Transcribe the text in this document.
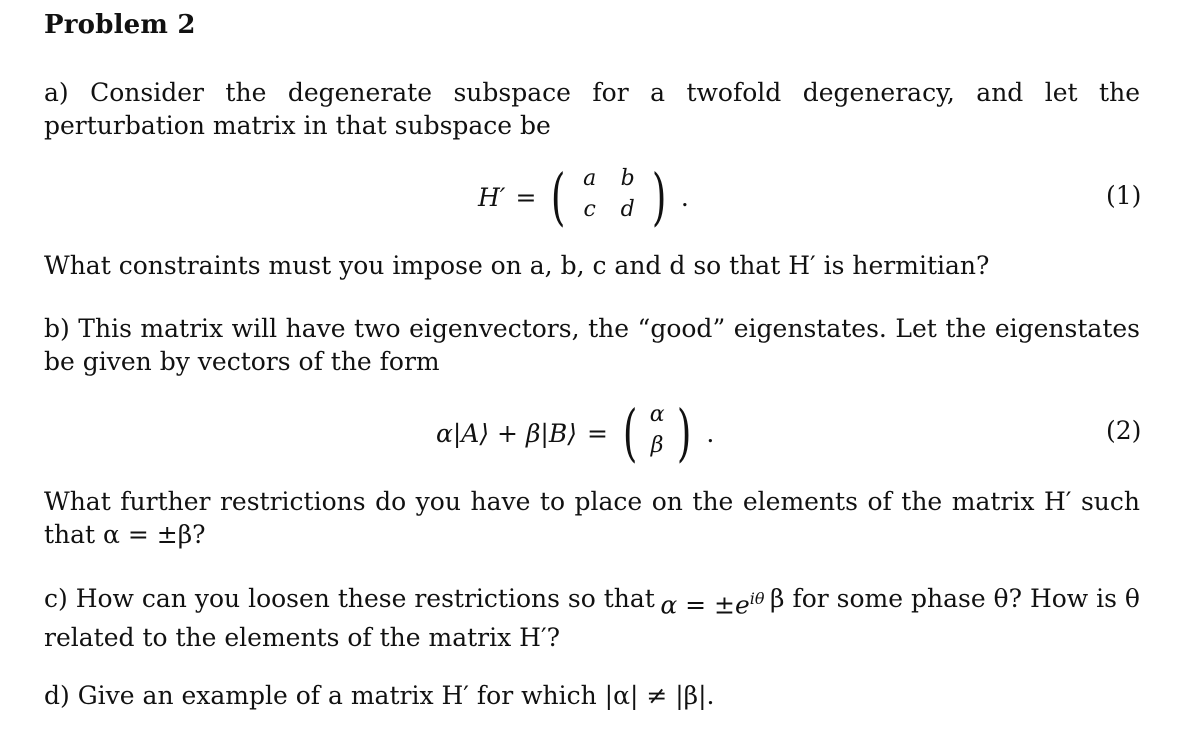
Problem 2
a) Consider the degenerate subspace for a twofold degeneracy, and let the perturbation matrix in that subspace be
H′ = ( a	b
c	d ) .	(1)
What constraints must you impose on a, b, c and d so that H′ is hermitian?
b) This matrix will have two eigenvectors, the “good” eigenstates. Let the eigenstates be given by vectors of the form
α|A⟩ + β|B⟩ = ( α
β ) .	(2)
What further restrictions do you have to place on the elements of the matrix H′ such that α = ±β?
c) How can you loosen these restrictions so that $\alpha = \pm e^{i\theta}$ β for some phase θ? How is θ
related to the elements of the matrix H′?
d) Give an example of a matrix H′ for which |α| ≠ |β|.
